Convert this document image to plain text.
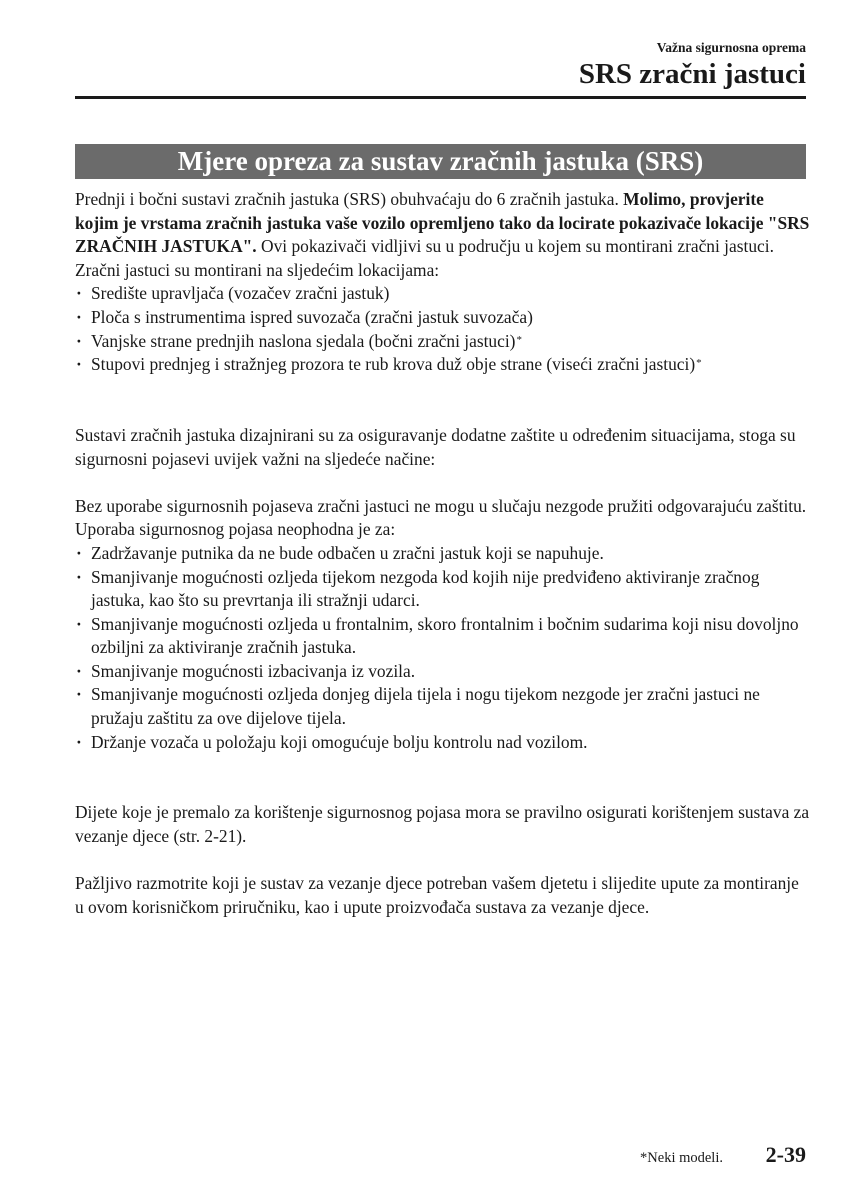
Važna sigurnosna oprema
SRS zračni jastuci
Mjere opreza za sustav zračnih jastuka (SRS)

Prednji i bočni sustavi zračnih jastuka (SRS) obuhvaćaju do 6 zračnih jastuka. Molimo, provjerite kojim je vrstama zračnih jastuka vaše vozilo opremljeno tako da locirate pokazivače lokacije "SRS ZRAČNIH JASTUKA". Ovi pokazivači vidljivi su u području u kojem su montirani zračni jastuci.

Zračni jastuci su montirani na sljedećim lokacijama:

· Središte upravljača (vozačev zračni jastuk)
· Ploča s instrumentima ispred suvozača (zračni jastuk suvozača)
· Vanjske strane prednjih naslona sjedala (bočni zračni jastuci)*
· Stupovi prednjeg i stražnjeg prozora te rub krova duž obje strane (viseći zračni jastuci)*

Sustavi zračnih jastuka dizajnirani su za osiguravanje dodatne zaštite u određenim situacijama, stoga su sigurnosni pojasevi uvijek važni na sljedeće načine:

Bez uporabe sigurnosnih pojaseva zračni jastuci ne mogu u slučaju nezgode pružiti odgovarajuću zaštitu. Uporaba sigurnosnog pojasa neophodna je za:

· Zadržavanje putnika da ne bude odbačen u zračni jastuk koji se napuhuje.
· Smanjivanje mogućnosti ozljeda tijekom nezgoda kod kojih nije predviđeno aktiviranje zračnog jastuka, kao što su prevrtanja ili stražnji udarci.
· Smanjivanje mogućnosti ozljeda u frontalnim, skoro frontalnim i bočnim sudarima koji nisu dovoljno ozbiljni za aktiviranje zračnih jastuka.
· Smanjivanje mogućnosti izbacivanja iz vozila.
· Smanjivanje mogućnosti ozljeda donjeg dijela tijela i nogu tijekom nezgode jer zračni jastuci ne pružaju zaštitu za ove dijelove tijela.
· Držanje vozača u položaju koji omogućuje bolju kontrolu nad vozilom.

Dijete koje je premalo za korištenje sigurnosnog pojasa mora se pravilno osigurati korištenjem sustava za vezanje djece (str. 2-21).

Pažljivo razmotrite koji je sustav za vezanje djece potreban vašem djetetu i slijedite upute za montiranje u ovom korisničkom priručniku, kao i upute proizvođača sustava za vezanje djece.

*Neki modeli. 2-39
